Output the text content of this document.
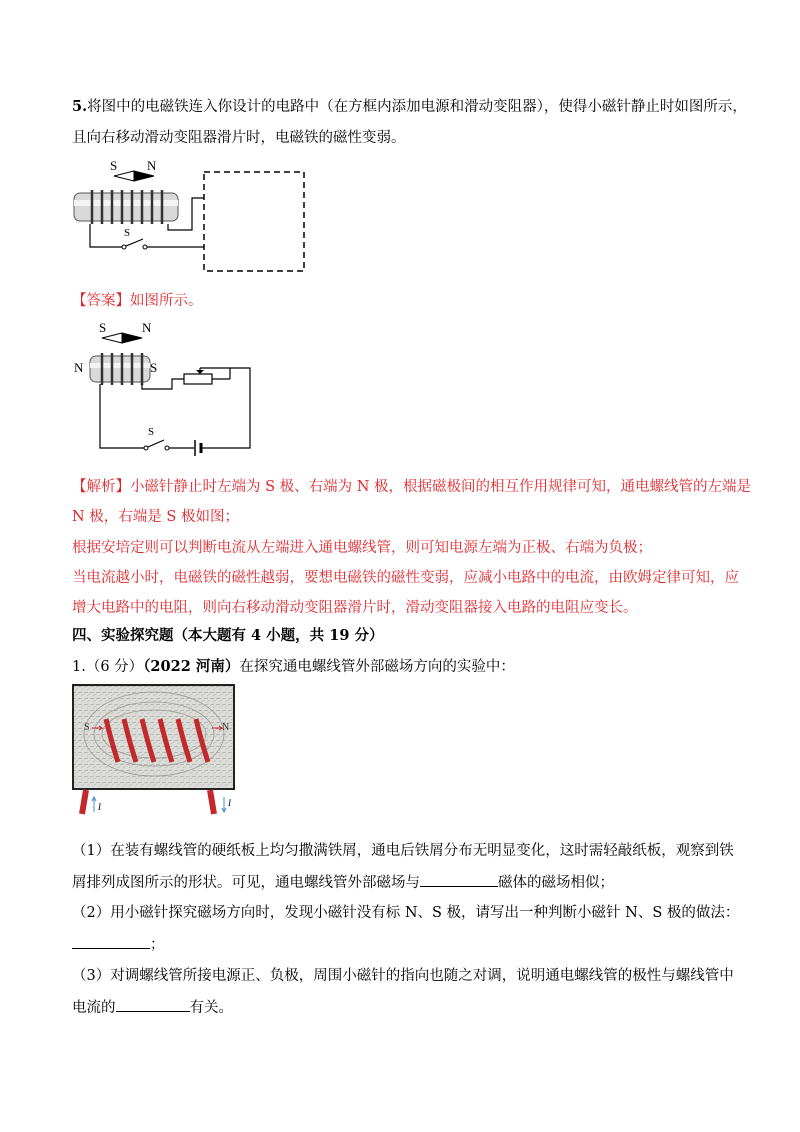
5.将图中的电磁铁连入你设计的电路中（在方框内添加电源和滑动变阻器），使得小磁针静止时如图所示，
且向右移动滑动变阻器滑片时，电磁铁的磁性变弱。
S N
S
【答案】如图所示。
S	N
N	S
S
【解析】小磁针静止时左端为 S 极、右端为 N 极，根据磁极间的相互作用规律可知，通电螺线管的左端是
N 极，右端是 S 极如图；
根据安培定则可以判断电流从左端进入通电螺线管，则可知电源左端为正极、右端为负极；
当电流越小时，电磁铁的磁性越弱，要想电磁铁的磁性变弱，应减小电路中的电流，由欧姆定律可知，应
增大电路中的电阻，则向右移动滑动变阻器滑片时，滑动变阻器接入电路的电阻应变长。
四、实验探究题（本大题有 4 小题，共 19 分）
1.（6 分）（2022 河南）在探究通电螺线管外部磁场方向的实验中：
S	N
I	I
（1）在装有螺线管的硬纸板上均匀撒满铁屑，通电后铁屑分布无明显变化，这时需轻敲纸板，观察到铁
屑排列成图所示的形状。可见，通电螺线管外部磁场与	磁体的磁场相似；
（2）用小磁针探究磁场方向时，发现小磁针没有标 N、S 极，请写出一种判断小磁针 N、S 极的做法：
；
（3）对调螺线管所接电源正、负极，周围小磁针的指向也随之对调，说明通电螺线管的极性与螺线管中
电流的	有关。
